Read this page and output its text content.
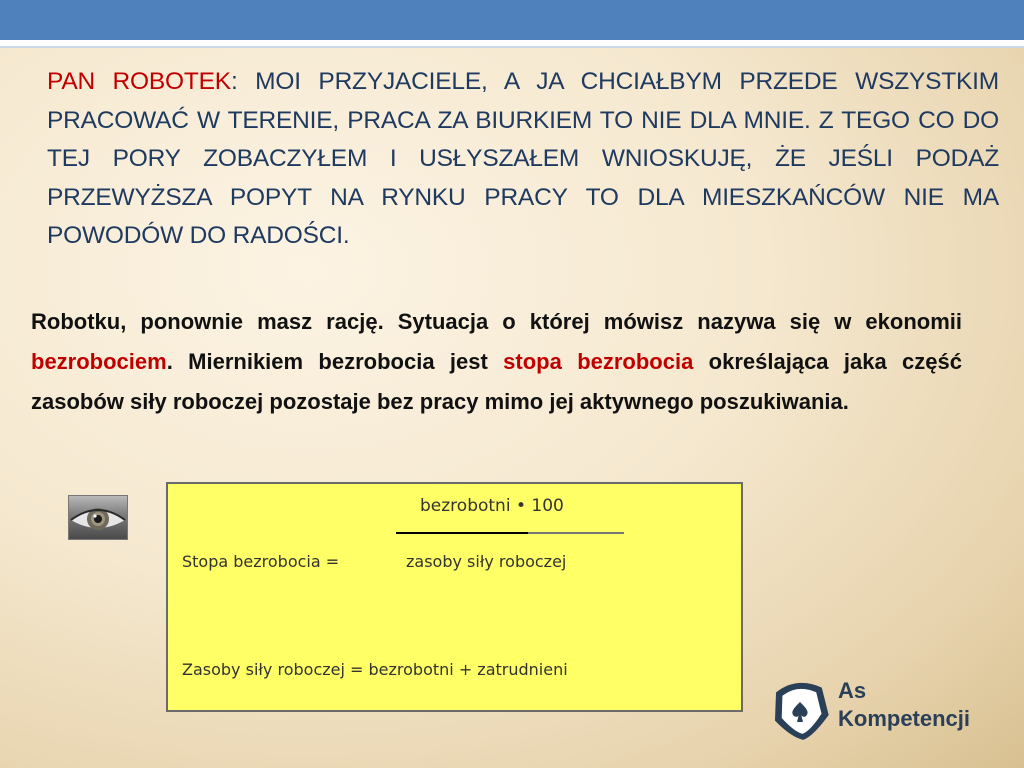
PAN ROBOTEK: MOI PRZYJACIELE, A JA CHCIAŁBYM PRZEDE WSZYSTKIM PRACOWAĆ W TERENIE, PRACA ZA BIURKIEM TO NIE DLA MNIE. Z TEGO CO DO TEJ PORY ZOBACZYŁEM I USŁYSZAŁEM WNIOSKUJĘ, ŻE JEŚLI PODAŻ PRZEWYŻSZA POPYT NA RYNKU PRACY TO DLA MIESZKAŃCÓW NIE MA POWODÓW DO RADOŚCI.
Robotku, ponownie masz rację. Sytuacja o której mówisz nazywa się w ekonomii bezrobociem. Miernikiem bezrobocia jest stopa bezrobocia określająca jaka część zasobów siły roboczej pozostaje bez pracy mimo jej aktywnego poszukiwania.
bezrobotni • 100
Stopa bezrobocia =	zasoby siły roboczej
Zasoby siły roboczej = bezrobotni + zatrudnieni
As
Kompetencji
